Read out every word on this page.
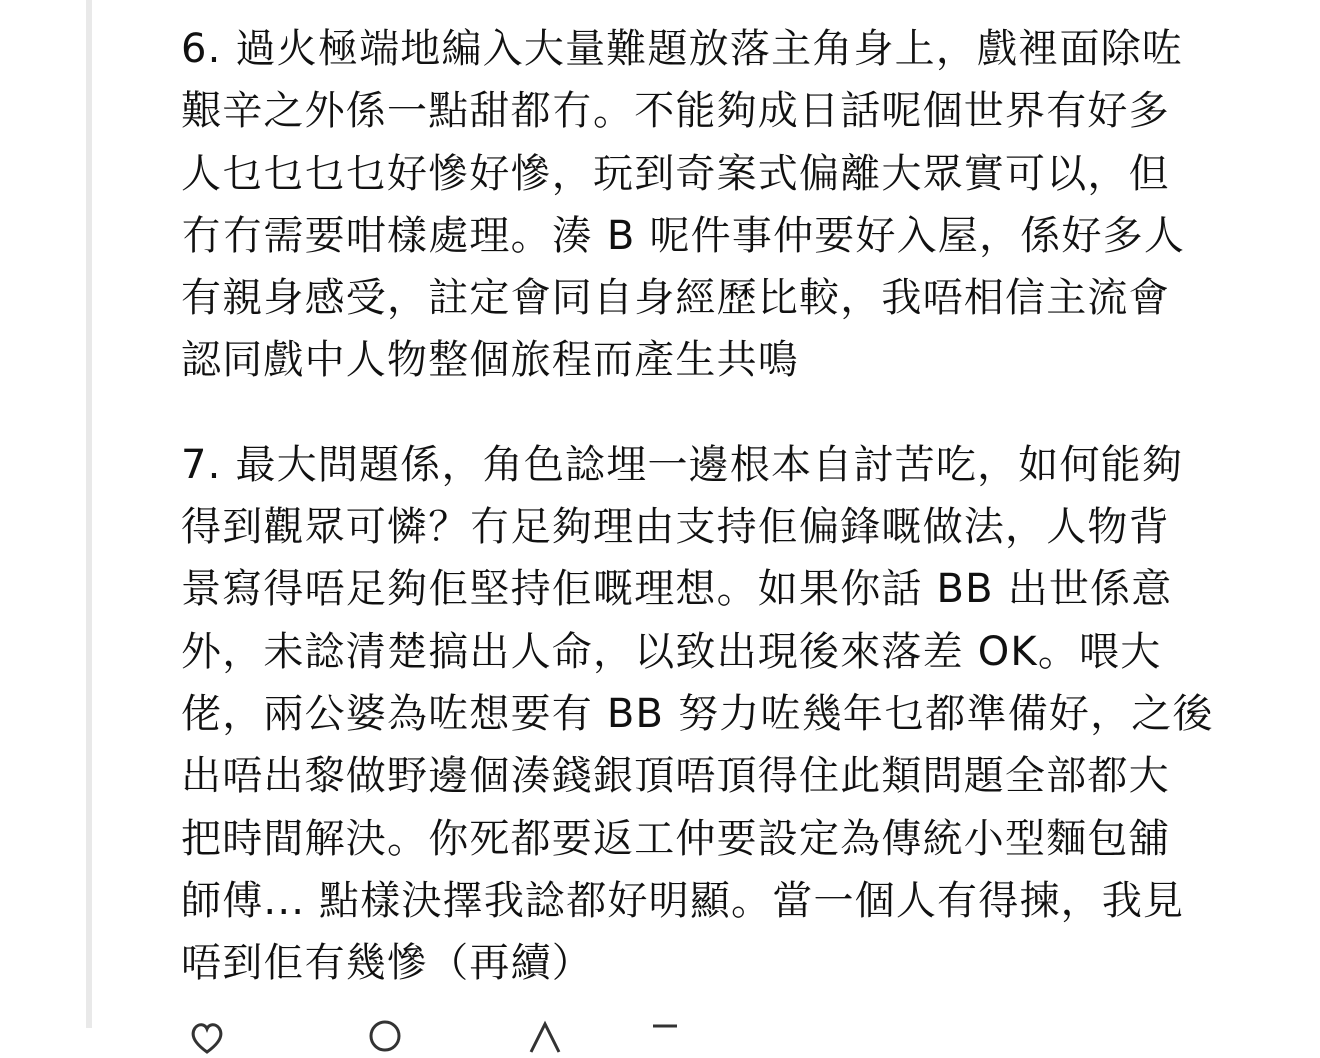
6. 過火極端地編入大量難題放落主角身上，戲裡面除咗
艱辛之外係一點甜都冇。不能夠成日話呢個世界有好多
人乜乜乜乜好慘好慘，玩到奇案式偏離大眾實可以，但
冇冇需要咁樣處理。湊 B 呢件事仲要好入屋，係好多人
有親身感受，註定會同自身經歷比較，我唔相信主流會
認同戲中人物整個旅程而產生共鳴

7. 最大問題係，角色諗埋一邊根本自討苦吃，如何能夠
得到觀眾可憐？冇足夠理由支持佢偏鋒嘅做法，人物背
景寫得唔足夠佢堅持佢嘅理想。如果你話 BB 出世係意
外，未諗清楚搞出人命，以致出現後來落差 OK。喂大
佬，兩公婆為咗想要有 BB 努力咗幾年乜都準備好，之後
出唔出黎做野邊個湊錢銀頂唔頂得住此類問題全部都大
把時間解決。你死都要返工仲要設定為傳統小型麵包舖
師傅... 點樣決擇我諗都好明顯。當一個人有得揀，我見
唔到佢有幾慘（再續）
